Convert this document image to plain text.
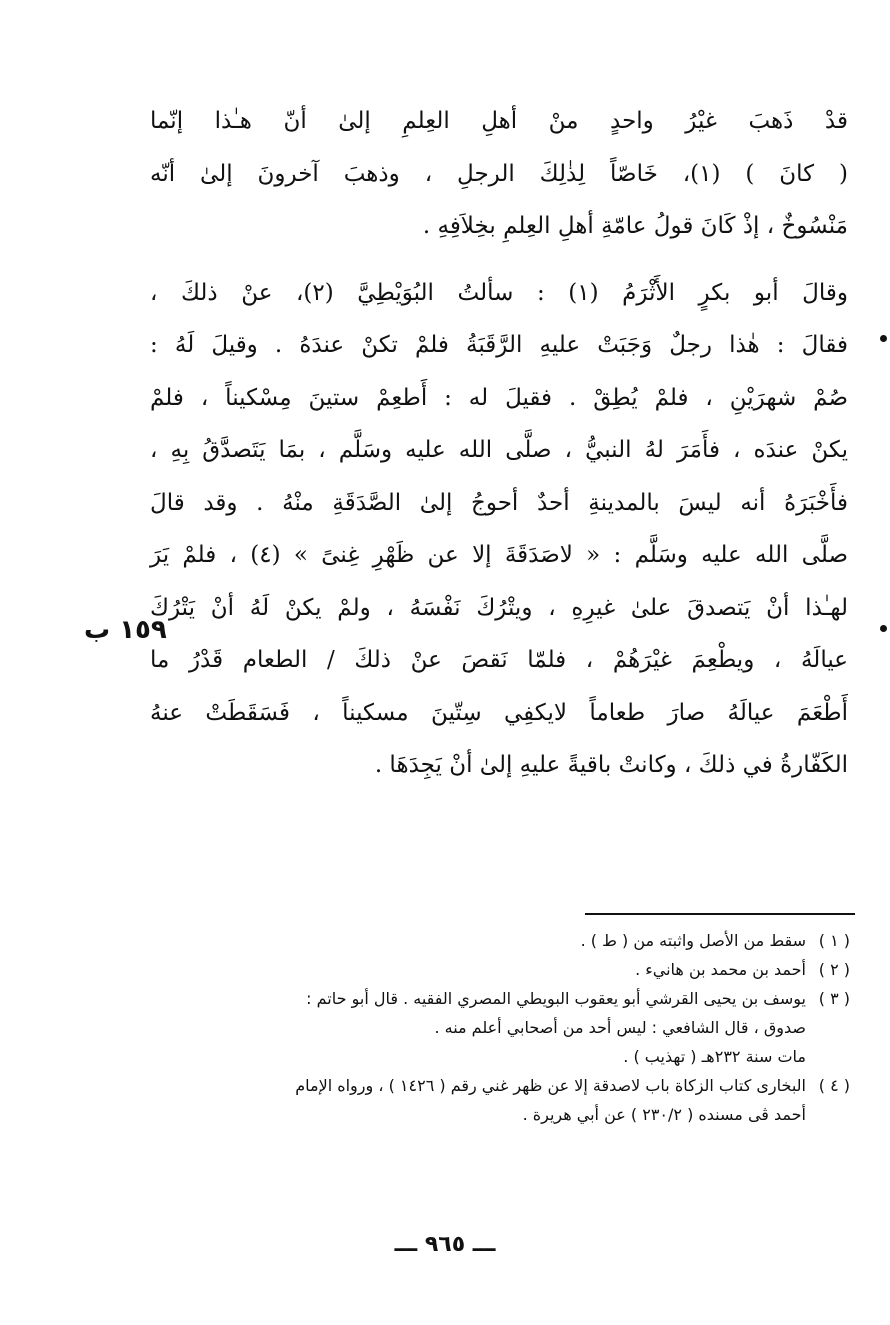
قدْ ذَهبَ غيْرُ واحدٍ منْ أهلِ العِلمِ إلىٰ أنّ هـٰذا إنّما
( كانَ ) (١)، خَاصّاً لِذٰلِكَ الرجلِ ، وذهبَ آخرونَ إلىٰ أنّه
مَنْسُوخٌ ، إذْ كَانَ قولُ عامّةِ أهلِ العِلمِ بخِلاَفِهِ .

وقالَ أبو بكرٍ الأَثْرَمُ (١) : سألتُ البُوَيْطِيَّ (٢)، عنْ ذلكَ ،
فقالَ : هٰذا رجلٌ وَجَبَتْ عليهِ الرَّقَبَةُ فلمْ تكنْ عندَهُ . وقيلَ لَهُ :
صُمْ شهرَيْنِ ، فلمْ يُطِقْ . فقيلَ له : أَطعِمْ ستينَ مِسْكيناً ، فلمْ
يكنْ عندَه ، فأَمَرَ لهُ النبيُّ ، صلَّى الله عليه وسَلَّم ، بمَا يَتَصدَّقُ بِهِ ،
فأَخْبَرَهُ أنه ليسَ بالمدينةِ أحدٌ أحوجُ إلىٰ الصَّدَقَةِ منْهُ . وقد قالَ
صلَّى الله عليه وسَلَّم : « لاصَدَقَةَ إلا عن ظَهْرِ غِنىً » (٤) ، فلمْ يَرَ
لهـٰذا أنْ يَتصدقَ علىٰ غيرِهِ ، ويتْرُكَ نَفْسَهُ ، ولمْ يكنْ لَهُ أنْ يَتْرُكَ
عيالَهُ ، ويطْعِمَ غيْرَهُمْ ، فلمّا نَقصَ عنْ ذلكَ / الطعام قَدْرُ ما
أَطْعَمَ عيالَهُ صارَ طعاماً لايكفِي سِتّينَ مسكيناً ، فَسَقَطَتْ عنهُ
الكَفّارةُ في ذلكَ ، وكانتْ باقيةً عليهِ إلىٰ أنْ يَجِدَهَا .

١٥٩ ب
( ١ )
سقط من الأصل واثبته من ( ط ) .
( ٢ )
أحمد بن محمد بن هانيء .
( ٣ )
يوسف بن يحيى القرشي أبو يعقوب البويطي المصري الفقيه . قال أبو حاتم :
صدوق ، قال الشافعي : ليس أحد من أصحابي أعلم منه .
مات سنة ٢٣٢هـ ( تهذيب ) .
( ٤ )
البخارى كتاب الزكاة باب لاصدقة إلا عن ظهر غني رقم ( ١٤٢٦ ) ، ورواه الإمام
أحمد ڤى مسنده ( ٢٣٠/٢ ) عن أبي هريرة .
ـــ ٩٦٥ ـــ
